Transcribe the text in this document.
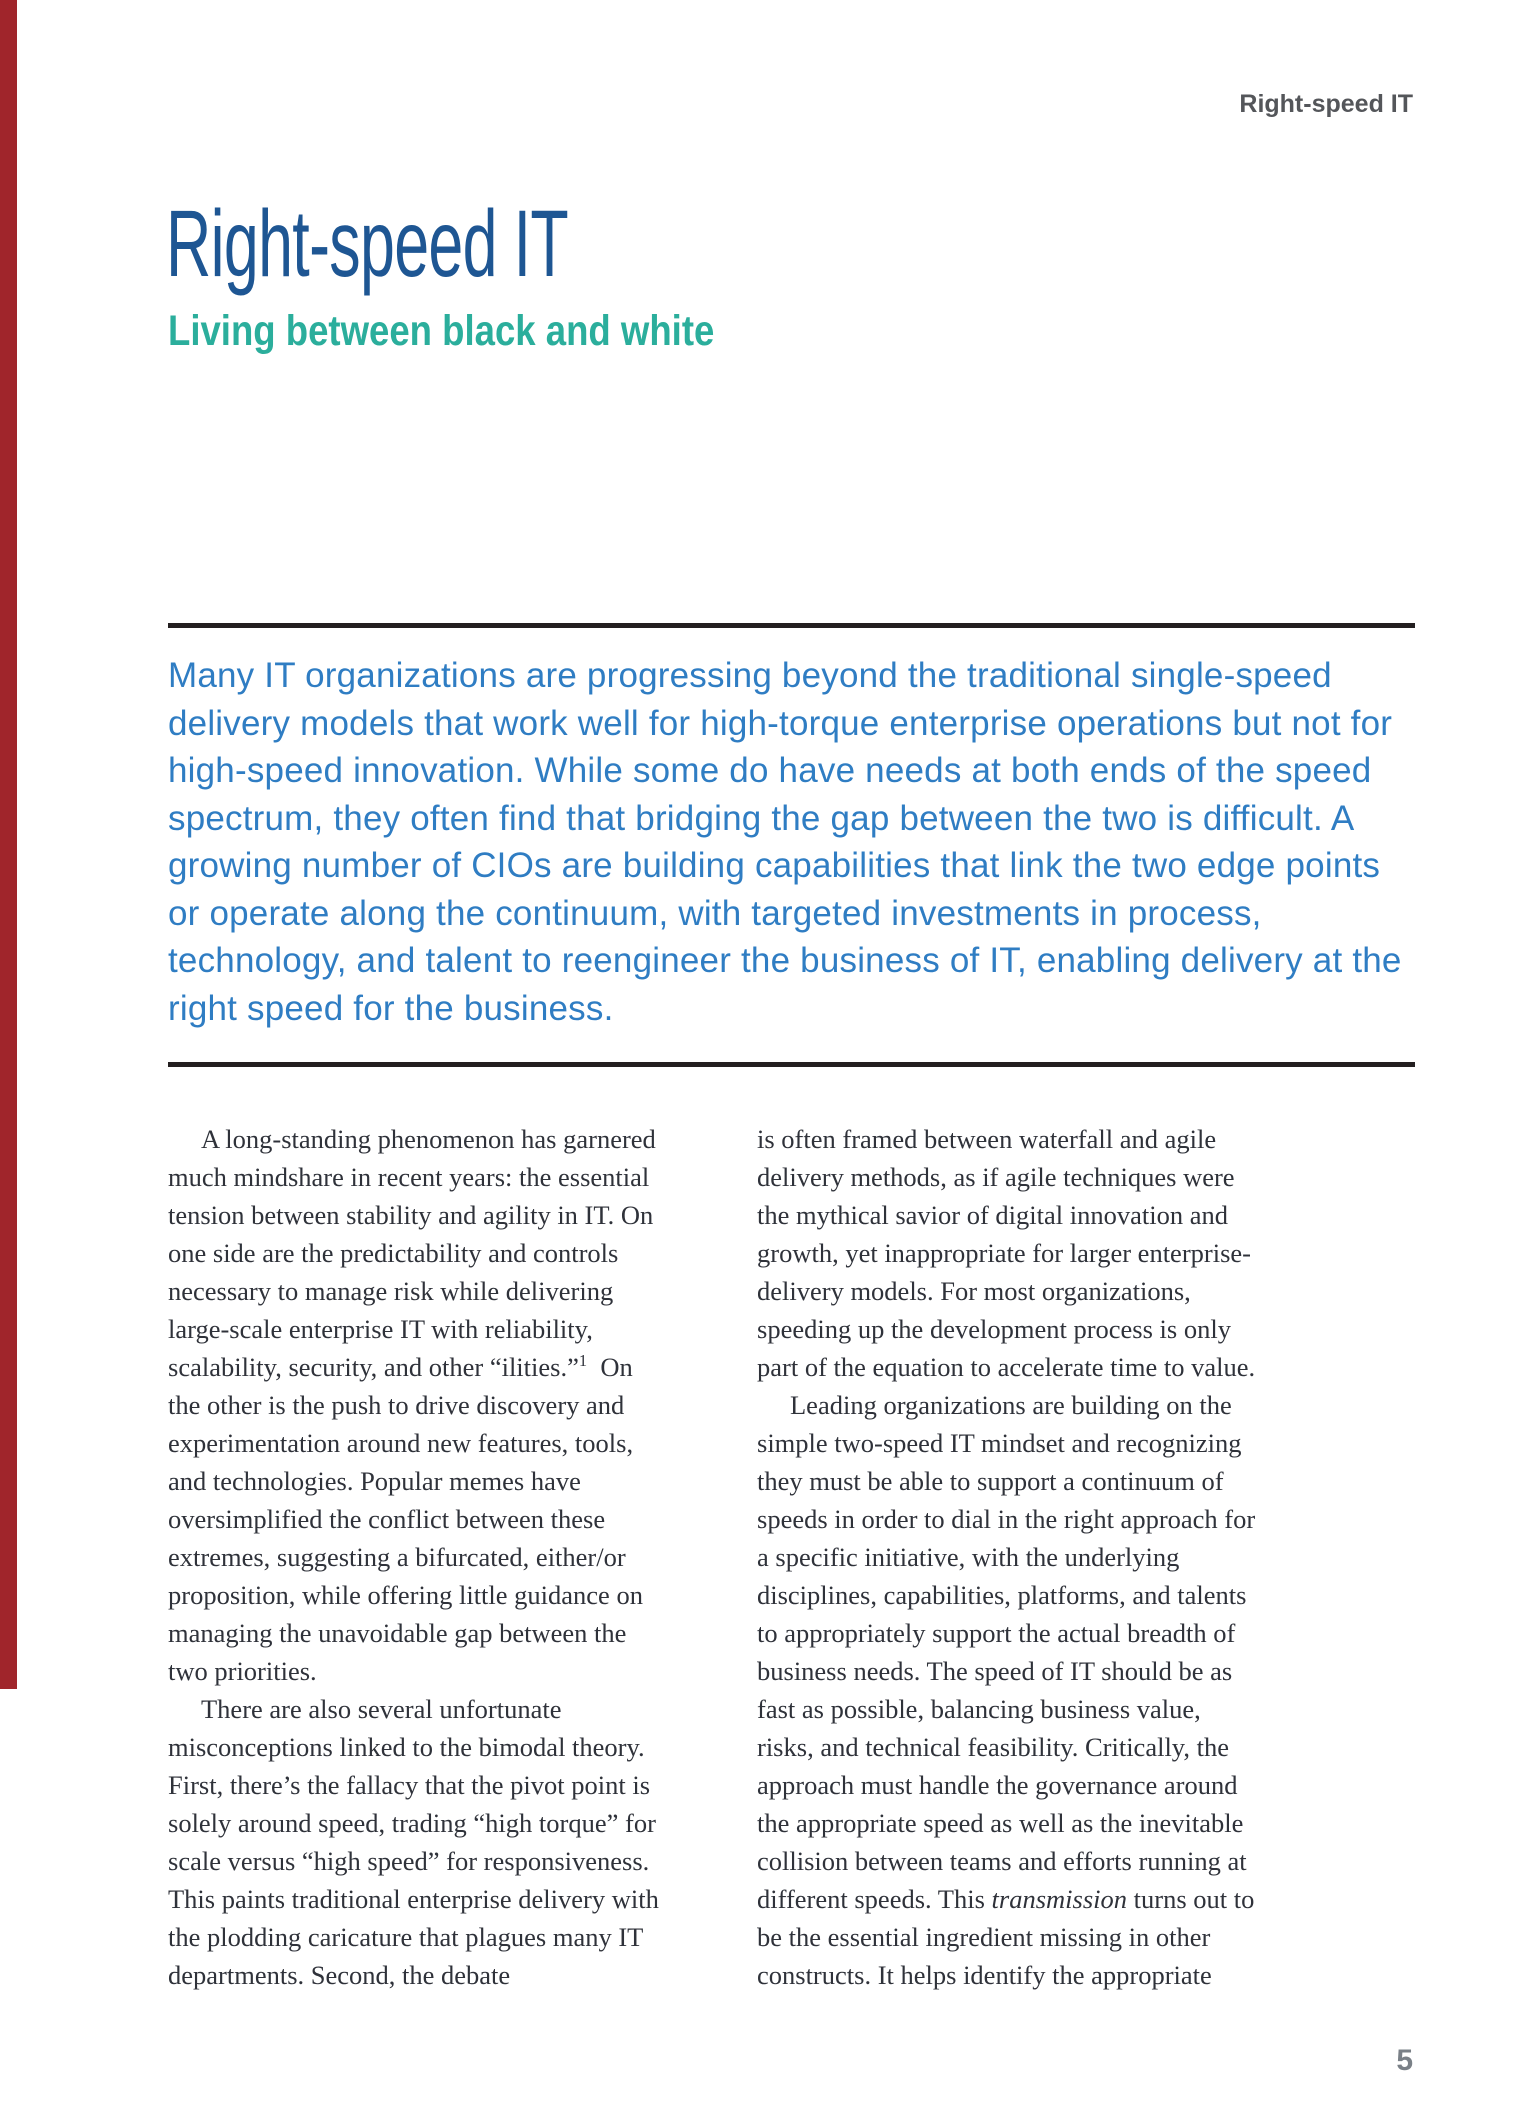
Right-speed IT
Right-speed IT
Living between black and white

Many IT organizations are progressing beyond the traditional single-speed delivery models that work well for high-torque enterprise operations but not for high-speed innovation. While some do have needs at both ends of the speed spectrum, they often find that bridging the gap between the two is difficult. A growing number of CIOs are building capabilities that link the two edge points or operate along the continuum, with targeted investments in process, technology, and talent to reengineer the business of IT, enabling delivery at the right speed for the business.

A long-standing phenomenon has garnered much mindshare in recent years: the essential tension between stability and agility in IT. On one side are the predictability and controls necessary to manage risk while delivering large-scale enterprise IT with reliability, scalability, security, and other “ilities.”$^1$ On the other is the push to drive discovery and experimentation around new features, tools, and technologies. Popular memes have oversimplified the conflict between these extremes, suggesting a bifurcated, either/or proposition, while offering little guidance on managing the unavoidable gap between the two priorities.

There are also several unfortunate misconceptions linked to the bimodal theory. First, there’s the fallacy that the pivot point is solely around speed, trading “high torque” for scale versus “high speed” for responsiveness. This paints traditional enterprise delivery with the plodding caricature that plagues many IT departments. Second, the debate

is often framed between waterfall and agile delivery methods, as if agile techniques were the mythical savior of digital innovation and growth, yet inappropriate for larger enterprise-delivery models. For most organizations, speeding up the development process is only part of the equation to accelerate time to value.

Leading organizations are building on the simple two-speed IT mindset and recognizing they must be able to support a continuum of speeds in order to dial in the right approach for a specific initiative, with the underlying disciplines, capabilities, platforms, and talents to appropriately support the actual breadth of business needs. The speed of IT should be as fast as possible, balancing business value, risks, and technical feasibility. Critically, the approach must handle the governance around the appropriate speed as well as the inevitable collision between teams and efforts running at different speeds. This transmission turns out to be the essential ingredient missing in other constructs. It helps identify the appropriate

5
